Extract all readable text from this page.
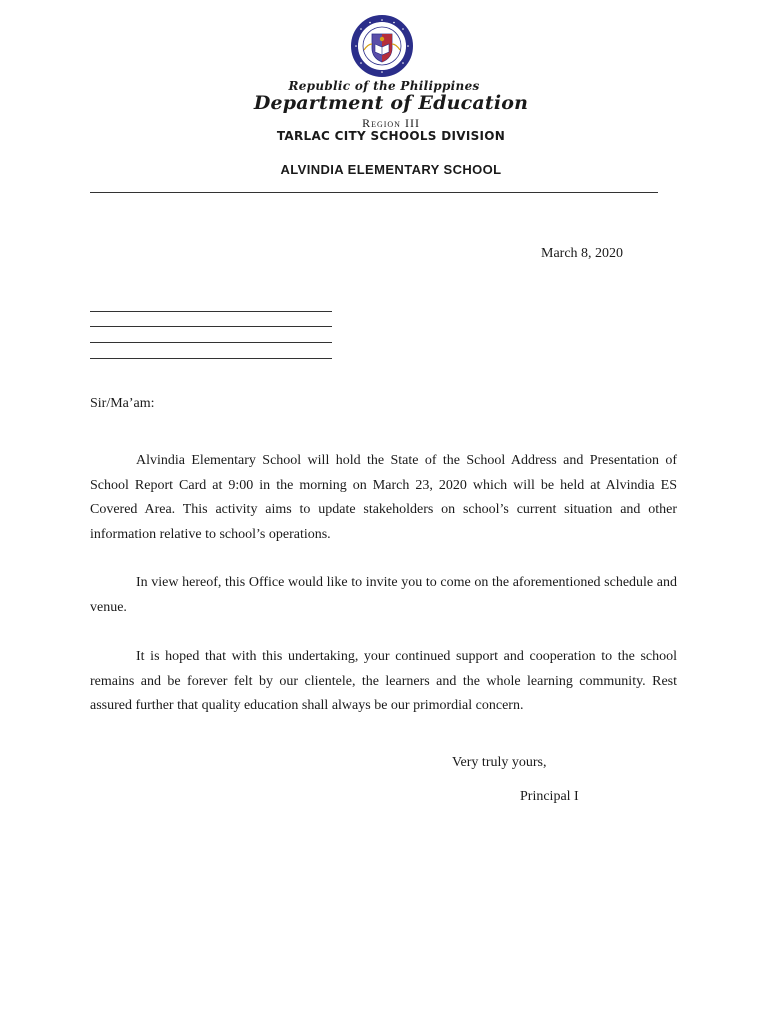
Republic of the Philippines
Department of Education
Region III
TARLAC CITY SCHOOLS DIVISION
ALVINDIA ELEMENTARY SCHOOL
March 8, 2020
Sir/Ma’am:

Alvindia Elementary School will hold the State of the School Address and Presentation of School Report Card at 9:00 in the morning on March 23, 2020 which will be held at Alvindia ES Covered Area. This activity aims to update stakeholders on school’s current situation and other information relative to school’s operations.

In view hereof, this Office would like to invite you to come on the aforementioned schedule and venue.

It is hoped that with this undertaking, your continued support and cooperation to the school remains and be forever felt by our clientele, the learners and the whole learning community. Rest assured further that quality education shall always be our primordial concern.

Very truly yours,
Principal I
